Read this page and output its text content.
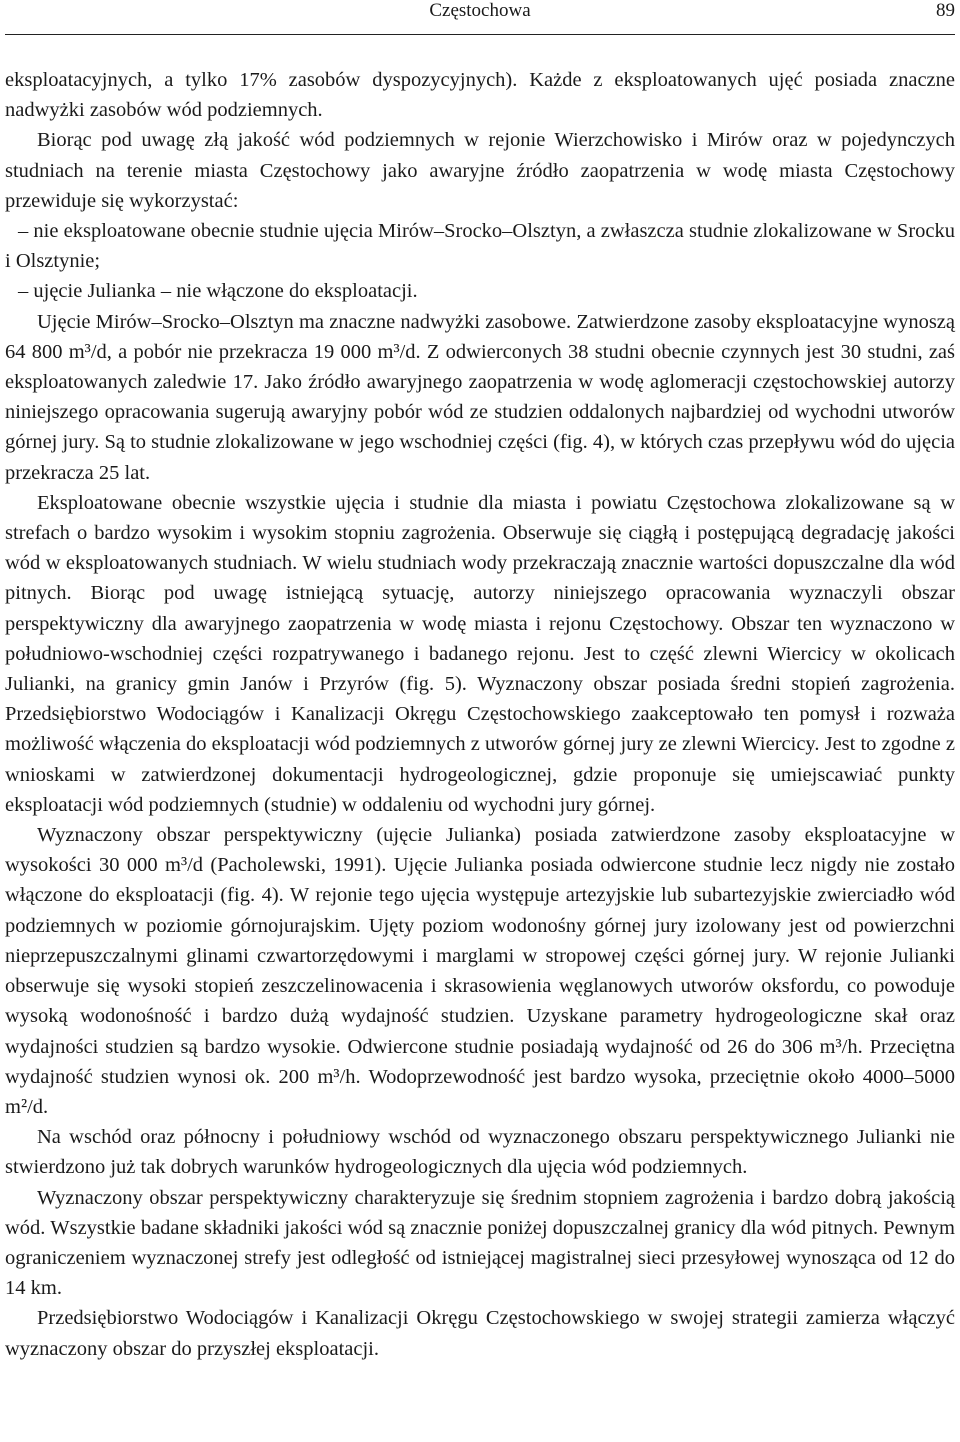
Częstochowa	89

eksploatacyjnych, a tylko 17% zasobów dyspozycyjnych). Każde z eksploatowanych ujęć posiada znaczne nadwyżki zasobów wód podziemnych.

Biorąc pod uwagę złą jakość wód podziemnych w rejonie Wierzchowisko i Mirów oraz w pojedynczych studniach na terenie miasta Częstochowy jako awaryjne źródło zaopatrzenia w wodę miasta Częstochowy przewiduje się wykorzystać:

– nie eksploatowane obecnie studnie ujęcia Mirów–Srocko–Olsztyn, a zwłaszcza studnie zlokalizowane w Srocku i Olsztynie;

– ujęcie Julianka – nie włączone do eksploatacji.

Ujęcie Mirów–Srocko–Olsztyn ma znaczne nadwyżki zasobowe. Zatwierdzone zasoby eksploatacyjne wynoszą 64 800 m³/d, a pobór nie przekracza 19 000 m³/d. Z odwierconych 38 studni obecnie czynnych jest 30 studni, zaś eksploatowanych zaledwie 17. Jako źródło awaryjnego zaopatrzenia w wodę aglomeracji częstochowskiej autorzy niniejszego opracowania sugerują awaryjny pobór wód ze studzien oddalonych najbardziej od wychodni utworów górnej jury. Są to studnie zlokalizowane w jego wschodniej części (fig. 4), w których czas przepływu wód do ujęcia przekracza 25 lat.

Eksploatowane obecnie wszystkie ujęcia i studnie dla miasta i powiatu Częstochowa zlokalizowane są w strefach o bardzo wysokim i wysokim stopniu zagrożenia. Obserwuje się ciągłą i postępującą degradację jakości wód w eksploatowanych studniach. W wielu studniach wody przekraczają znacznie wartości dopuszczalne dla wód pitnych. Biorąc pod uwagę istniejącą sytuację, autorzy niniejszego opracowania wyznaczyli obszar perspektywiczny dla awaryjnego zaopatrzenia w wodę miasta i rejonu Częstochowy. Obszar ten wyznaczono w południowo-wschodniej części rozpatrywanego i badanego rejonu. Jest to część zlewni Wiercicy w okolicach Julianki, na granicy gmin Janów i Przyrów (fig. 5). Wyznaczony obszar posiada średni stopień zagrożenia. Przedsiębiorstwo Wodociągów i Kanalizacji Okręgu Częstochowskiego zaakceptowało ten pomysł i rozważa możliwość włączenia do eksploatacji wód podziemnych z utworów górnej jury ze zlewni Wiercicy. Jest to zgodne z wnioskami w zatwierdzonej dokumentacji hydrogeologicznej, gdzie proponuje się umiejscawiać punkty eksploatacji wód podziemnych (studnie) w oddaleniu od wychodni jury górnej.

Wyznaczony obszar perspektywiczny (ujęcie Julianka) posiada zatwierdzone zasoby eksploatacyjne w wysokości 30 000 m³/d (Pacholewski, 1991). Ujęcie Julianka posiada odwiercone studnie lecz nigdy nie zostało włączone do eksploatacji (fig. 4). W rejonie tego ujęcia występuje artezyjskie lub subartezyjskie zwierciadło wód podziemnych w poziomie górnojurajskim. Ujęty poziom wodonośny górnej jury izolowany jest od powierzchni nieprzepuszczalnymi glinami czwartorzędowymi i marglami w stropowej części górnej jury. W rejonie Julianki obserwuje się wysoki stopień zeszczelinowacenia i skrasowienia węglanowych utworów oksfordu, co powoduje wysoką wodonośność i bardzo dużą wydajność studzien. Uzyskane parametry hydrogeologiczne skał oraz wydajności studzien są bardzo wysokie. Odwiercone studnie posiadają wydajność od 26 do 306 m³/h. Przeciętna wydajność studzien wynosi ok. 200 m³/h. Wodoprzewodność jest bardzo wysoka, przeciętnie około 4000–5000 m²/d.

Na wschód oraz północny i południowy wschód od wyznaczonego obszaru perspektywicznego Julianki nie stwierdzono już tak dobrych warunków hydrogeologicznych dla ujęcia wód podziemnych.

Wyznaczony obszar perspektywiczny charakteryzuje się średnim stopniem zagrożenia i bardzo dobrą jakością wód. Wszystkie badane składniki jakości wód są znacznie poniżej dopuszczalnej granicy dla wód pitnych. Pewnym ograniczeniem wyznaczonej strefy jest odległość od istniejącej magistralnej sieci przesyłowej wynosząca od 12 do 14 km.

Przedsiębiorstwo Wodociągów i Kanalizacji Okręgu Częstochowskiego w swojej strategii zamierza włączyć wyznaczony obszar do przyszłej eksploatacji.
